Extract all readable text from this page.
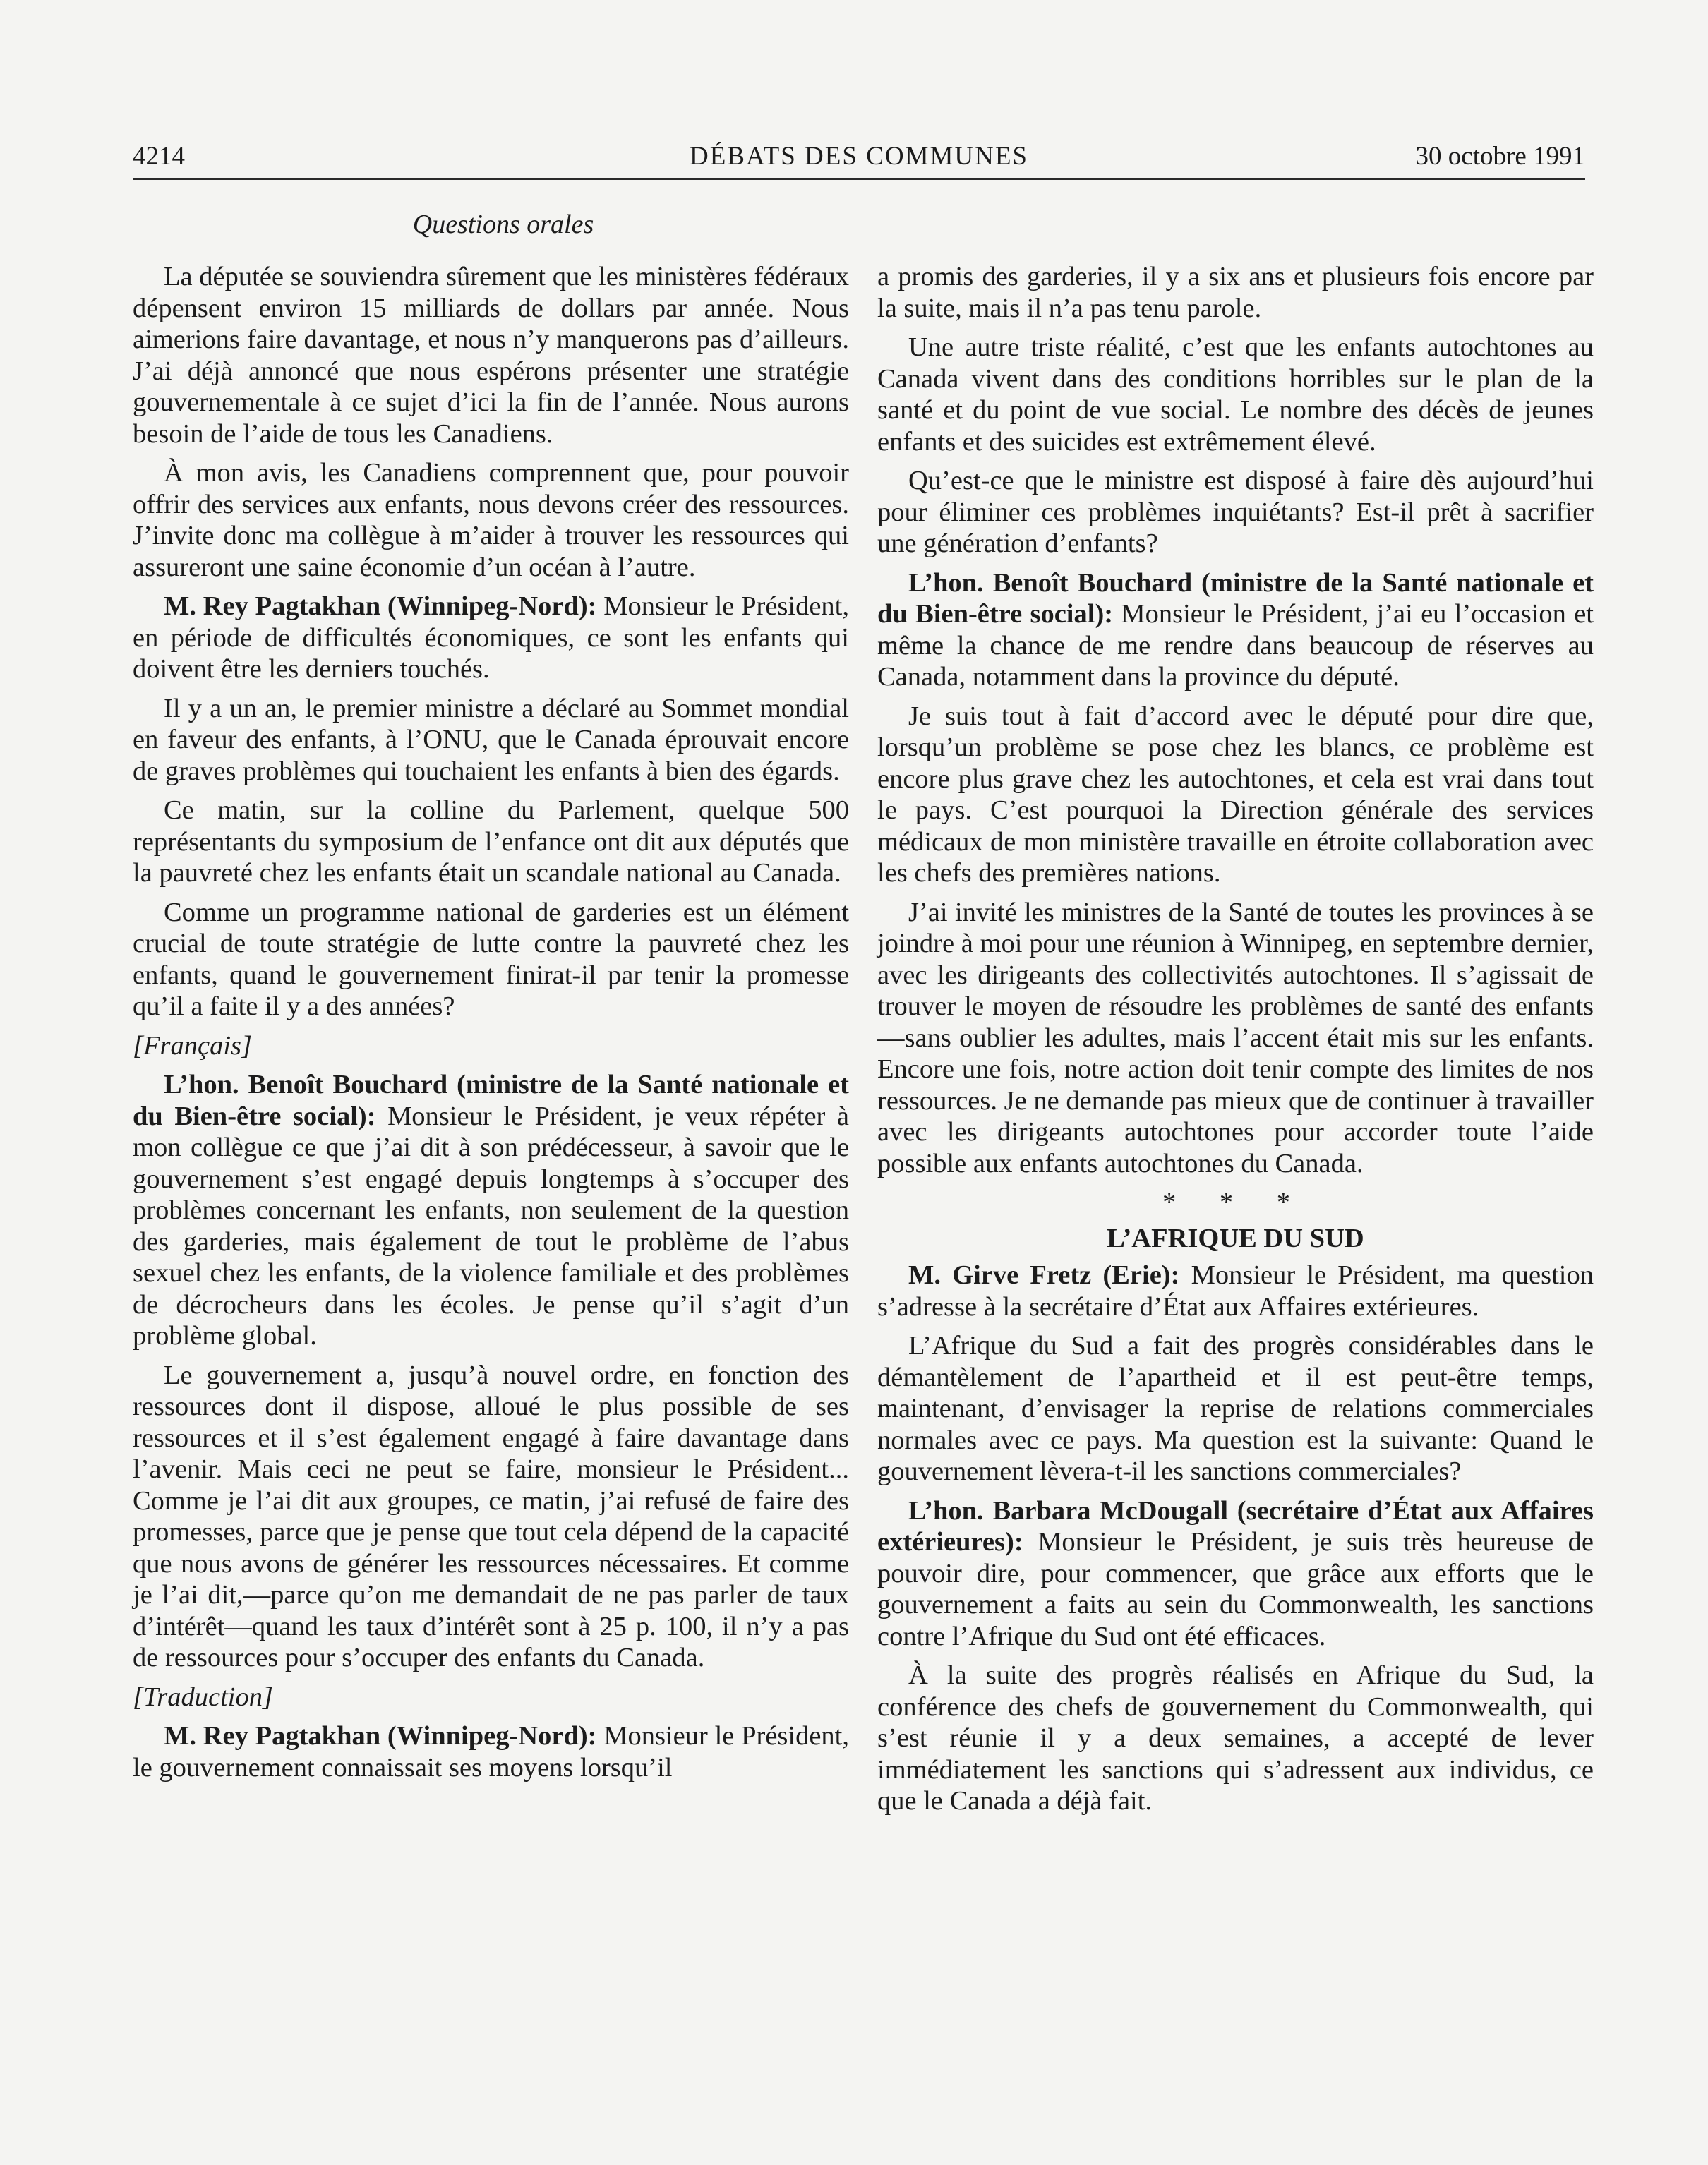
4214	DÉBATS DES COMMUNES	30 octobre 1991
Questions orales

La députée se souviendra sûrement que les ministères fédéraux dépensent environ 15 milliards de dollars par année. Nous aimerions faire davantage, et nous n’y manquerons pas d’ailleurs. J’ai déjà annoncé que nous espérons présenter une stratégie gouvernementale à ce sujet d’ici la fin de l’année. Nous aurons besoin de l’aide de tous les Canadiens.

À mon avis, les Canadiens comprennent que, pour pouvoir offrir des services aux enfants, nous devons créer des ressources. J’invite donc ma collègue à m’aider à trouver les ressources qui assureront une saine économie d’un océan à l’autre.

M. Rey Pagtakhan (Winnipeg-Nord): Monsieur le Président, en période de difficultés économiques, ce sont les enfants qui doivent être les derniers touchés.

Il y a un an, le premier ministre a déclaré au Sommet mondial en faveur des enfants, à l’ONU, que le Canada éprouvait encore de graves problèmes qui touchaient les enfants à bien des égards.

Ce matin, sur la colline du Parlement, quelque 500 représentants du symposium de l’enfance ont dit aux députés que la pauvreté chez les enfants était un scandale national au Canada.

Comme un programme national de garderies est un élément crucial de toute stratégie de lutte contre la pauvreté chez les enfants, quand le gouvernement finirat-il par tenir la promesse qu’il a faite il y a des années?

[Français]

L’hon. Benoît Bouchard (ministre de la Santé nationale et du Bien-être social): Monsieur le Président, je veux répéter à mon collègue ce que j’ai dit à son prédécesseur, à savoir que le gouvernement s’est engagé depuis longtemps à s’occuper des problèmes concernant les enfants, non seulement de la question des garderies, mais également de tout le problème de l’abus sexuel chez les enfants, de la violence familiale et des problèmes de décrocheurs dans les écoles. Je pense qu’il s’agit d’un problème global.

Le gouvernement a, jusqu’à nouvel ordre, en fonction des ressources dont il dispose, alloué le plus possible de ses ressources et il s’est également engagé à faire davantage dans l’avenir. Mais ceci ne peut se faire, monsieur le Président... Comme je l’ai dit aux groupes, ce matin, j’ai refusé de faire des promesses, parce que je pense que tout cela dépend de la capacité que nous avons de générer les ressources nécessaires. Et comme je l’ai dit,—parce qu’on me demandait de ne pas parler de taux d’intérêt—quand les taux d’intérêt sont à 25 p. 100, il n’y a pas de ressources pour s’occuper des enfants du Canada.

[Traduction]

M. Rey Pagtakhan (Winnipeg-Nord): Monsieur le Président, le gouvernement connaissait ses moyens lorsqu’il

a promis des garderies, il y a six ans et plusieurs fois encore par la suite, mais il n’a pas tenu parole.

Une autre triste réalité, c’est que les enfants autochtones au Canada vivent dans des conditions horribles sur le plan de la santé et du point de vue social. Le nombre des décès de jeunes enfants et des suicides est extrêmement élevé.

Qu’est-ce que le ministre est disposé à faire dès aujourd’hui pour éliminer ces problèmes inquiétants? Est-il prêt à sacrifier une génération d’enfants?

L’hon. Benoît Bouchard (ministre de la Santé nationale et du Bien-être social): Monsieur le Président, j’ai eu l’occasion et même la chance de me rendre dans beaucoup de réserves au Canada, notamment dans la province du député.

Je suis tout à fait d’accord avec le député pour dire que, lorsqu’un problème se pose chez les blancs, ce problème est encore plus grave chez les autochtones, et cela est vrai dans tout le pays. C’est pourquoi la Direction générale des services médicaux de mon ministère travaille en étroite collaboration avec les chefs des premières nations.

J’ai invité les ministres de la Santé de toutes les provinces à se joindre à moi pour une réunion à Winnipeg, en septembre dernier, avec les dirigeants des collectivités autochtones. Il s’agissait de trouver le moyen de résoudre les problèmes de santé des enfants—sans oublier les adultes, mais l’accent était mis sur les enfants. Encore une fois, notre action doit tenir compte des limites de nos ressources. Je ne demande pas mieux que de continuer à travailler avec les dirigeants autochtones pour accorder toute l’aide possible aux enfants autochtones du Canada.

* * *
L’AFRIQUE DU SUD

M. Girve Fretz (Erie): Monsieur le Président, ma question s’adresse à la secrétaire d’État aux Affaires extérieures.

L’Afrique du Sud a fait des progrès considérables dans le démantèlement de l’apartheid et il est peut-être temps, maintenant, d’envisager la reprise de relations commerciales normales avec ce pays. Ma question est la suivante: Quand le gouvernement lèvera-t-il les sanctions commerciales?

L’hon. Barbara McDougall (secrétaire d’État aux Affaires extérieures): Monsieur le Président, je suis très heureuse de pouvoir dire, pour commencer, que grâce aux efforts que le gouvernement a faits au sein du Commonwealth, les sanctions contre l’Afrique du Sud ont été efficaces.

À la suite des progrès réalisés en Afrique du Sud, la conférence des chefs de gouvernement du Commonwealth, qui s’est réunie il y a deux semaines, a accepté de lever immédiatement les sanctions qui s’adressent aux individus, ce que le Canada a déjà fait.
